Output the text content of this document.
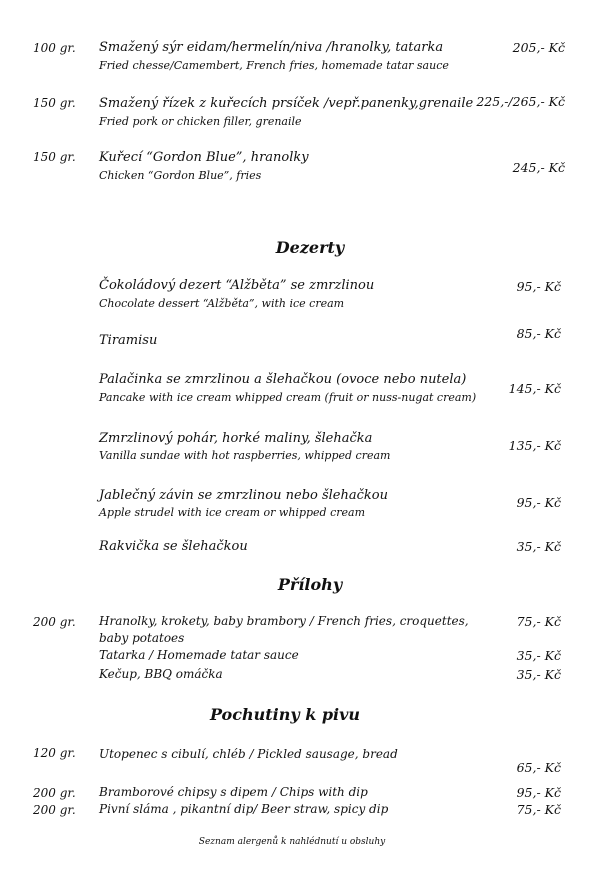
100 gr. Smažený sýr eidam/hermelín/niva /hranolky, tatarka
Fried chesse/Camembert, French fries, homemade tatar sauce
205,- Kč
150 gr. Smažený řízek z kuřecích prsíček /vepř.panenky,grenaile
Fried pork or chicken filler, grenaile
225,-/265,- Kč
150 gr. Kuřecí “Gordon Blue”, hranolky
Chicken “Gordon Blue”, fries
245,- Kč
Dezerty
Čokoládový dezert “Alžběta” se zmrzlinou
Chocolate dessert “Alžběta”, with ice cream
95,- Kč
Tiramisu	85,- Kč
Palačinka se zmrzlinou a šlehačkou (ovoce nebo nutela)
Pancake with ice cream whipped cream (fruit or nuss-nugat cream)
145,- Kč
Zmrzlinový pohár, horké maliny, šlehačka
Vanilla sundae with hot raspberries, whipped cream
135,- Kč
Jablečný závin se zmrzlinou nebo šlehačkou
Apple strudel with ice cream or whipped cream
95,- Kč
Rakvička se šlehačkou	35,- Kč
Přílohy
200 gr. Hranolky, krokety, baby brambory / French fries, croquettes,
baby potatoes
75,- Kč
Tatarka / Homemade tatar sauce	35,- Kč
Kečup, BBQ omáčka	35,- Kč
Pochutiny k pivu
120 gr. Utopenec s cibulí, chléb / Pickled sausage, bread
65,- Kč
200 gr. Bramborové chipsy s dipem / Chips with dip	95,- Kč
200 gr. Pivní sláma , pikantní dip/ Beer straw, spicy dip	75,- Kč
Seznam alergenů k nahlédnutí u obsluhy
